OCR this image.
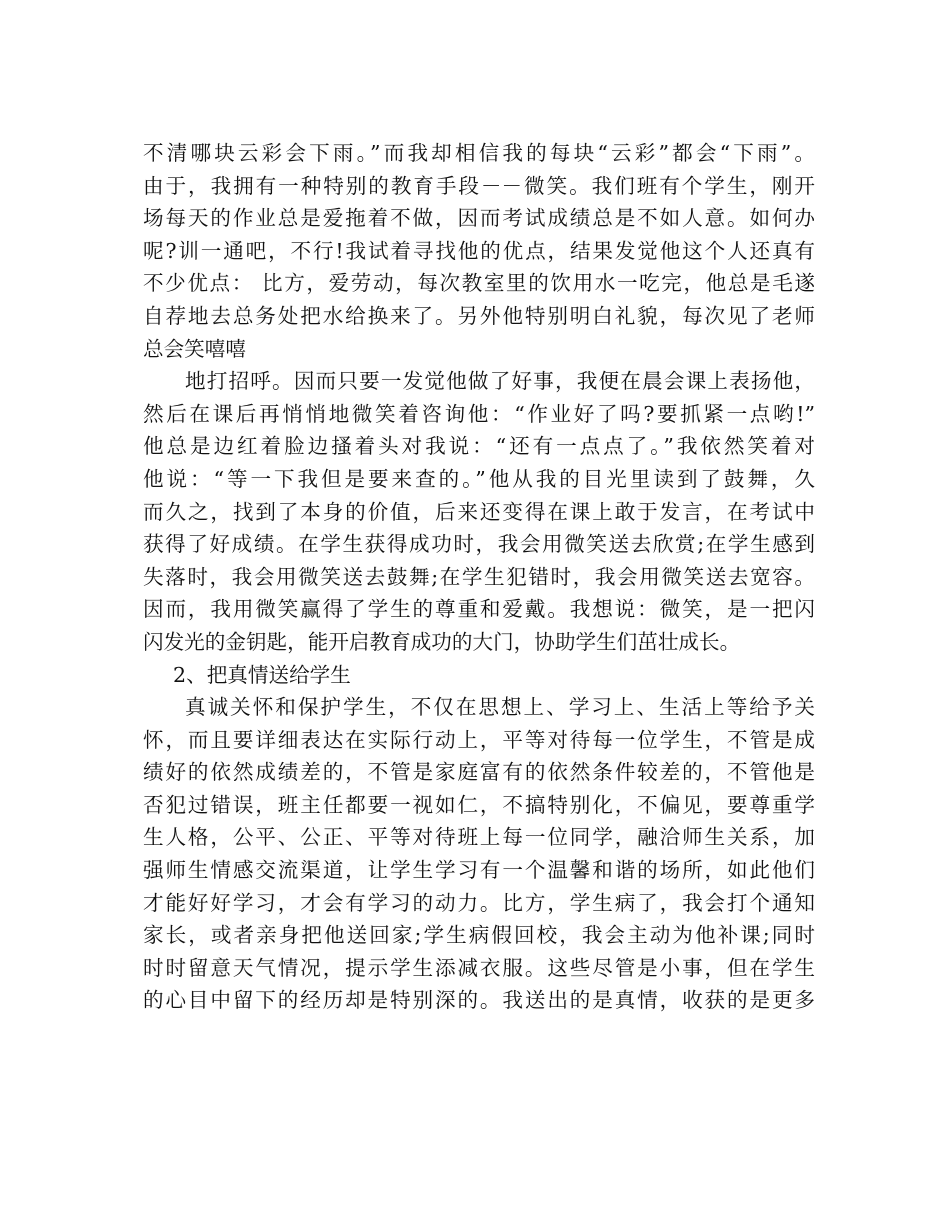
不清哪块云彩会下雨。”而我却相信我的每块“云彩”都会“下雨”。
由于，我拥有一种特别的教育手段－－微笑。我们班有个学生，刚开
场每天的作业总是爱拖着不做，因而考试成绩总是不如人意。如何办
呢?训一通吧，不行!我试着寻找他的优点，结果发觉他这个人还真有
不少优点： 比方，爱劳动，每次教室里的饮用水一吃完，他总是毛遂
自荐地去总务处把水给换来了。另外他特别明白礼貌，每次见了老师
总会笑嘻嘻
地打招呼。因而只要一发觉他做了好事，我便在晨会课上表扬他，
然后在课后再悄悄地微笑着咨询他：“作业好了吗?要抓紧一点哟!”
他总是边红着脸边搔着头对我说：“还有一点点了。”我依然笑着对
他说：“等一下我但是要来查的。”他从我的目光里读到了鼓舞，久
而久之，找到了本身的价值，后来还变得在课上敢于发言，在考试中
获得了好成绩。在学生获得成功时，我会用微笑送去欣赏;在学生感到
失落时，我会用微笑送去鼓舞;在学生犯错时，我会用微笑送去宽容。
因而，我用微笑赢得了学生的尊重和爱戴。我想说：微笑，是一把闪
闪发光的金钥匙，能开启教育成功的大门，协助学生们茁壮成长。
2、把真情送给学生
真诚关怀和保护学生，不仅在思想上、学习上、生活上等给予关
怀，而且要详细表达在实际行动上，平等对待每一位学生，不管是成
绩好的依然成绩差的，不管是家庭富有的依然条件较差的，不管他是
否犯过错误，班主任都要一视如仁，不搞特别化，不偏见，要尊重学
生人格，公平、公正、平等对待班上每一位同学，融洽师生关系，加
强师生情感交流渠道，让学生学习有一个温馨和谐的场所，如此他们
才能好好学习，才会有学习的动力。比方，学生病了，我会打个通知
家长，或者亲身把他送回家;学生病假回校，我会主动为他补课;同时
时时留意天气情况，提示学生添减衣服。这些尽管是小事，但在学生
的心目中留下的经历却是特别深的。我送出的是真情，收获的是更多
